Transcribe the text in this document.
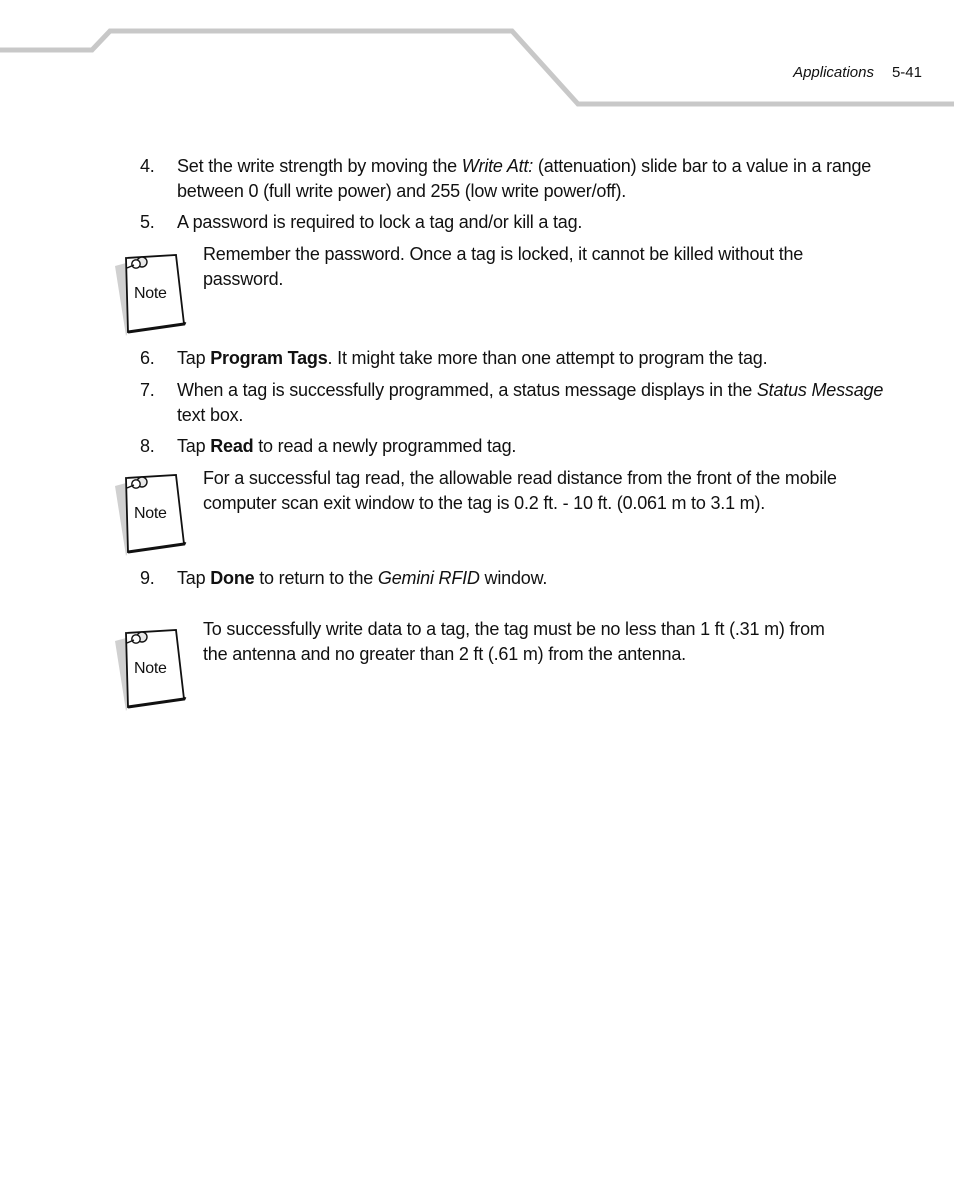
Applications 5-41
4.	Set the write strength by moving the Write Att: (attenuation) slide bar to a value in a range between 0 (full write power) and 255 (low write power/off).
5.	A password is required to lock a tag and/or kill a tag.
Note
Remember the password. Once a tag is locked, it cannot be killed without the password.
6.	Tap Program Tags. It might take more than one attempt to program the tag.
7.	When a tag is successfully programmed, a status message displays in the Status Message text box.
8.	Tap Read to read a newly programmed tag.
Note
For a successful tag read, the allowable read distance from the front of the mobile computer scan exit window to the tag is 0.2 ft. - 10 ft. (0.061 m to 3.1 m).
9.	Tap Done to return to the Gemini RFID window.
Note
To successfully write data to a tag, the tag must be no less than 1 ft (.31 m) from the antenna and no greater than 2 ft (.61 m) from the antenna.
